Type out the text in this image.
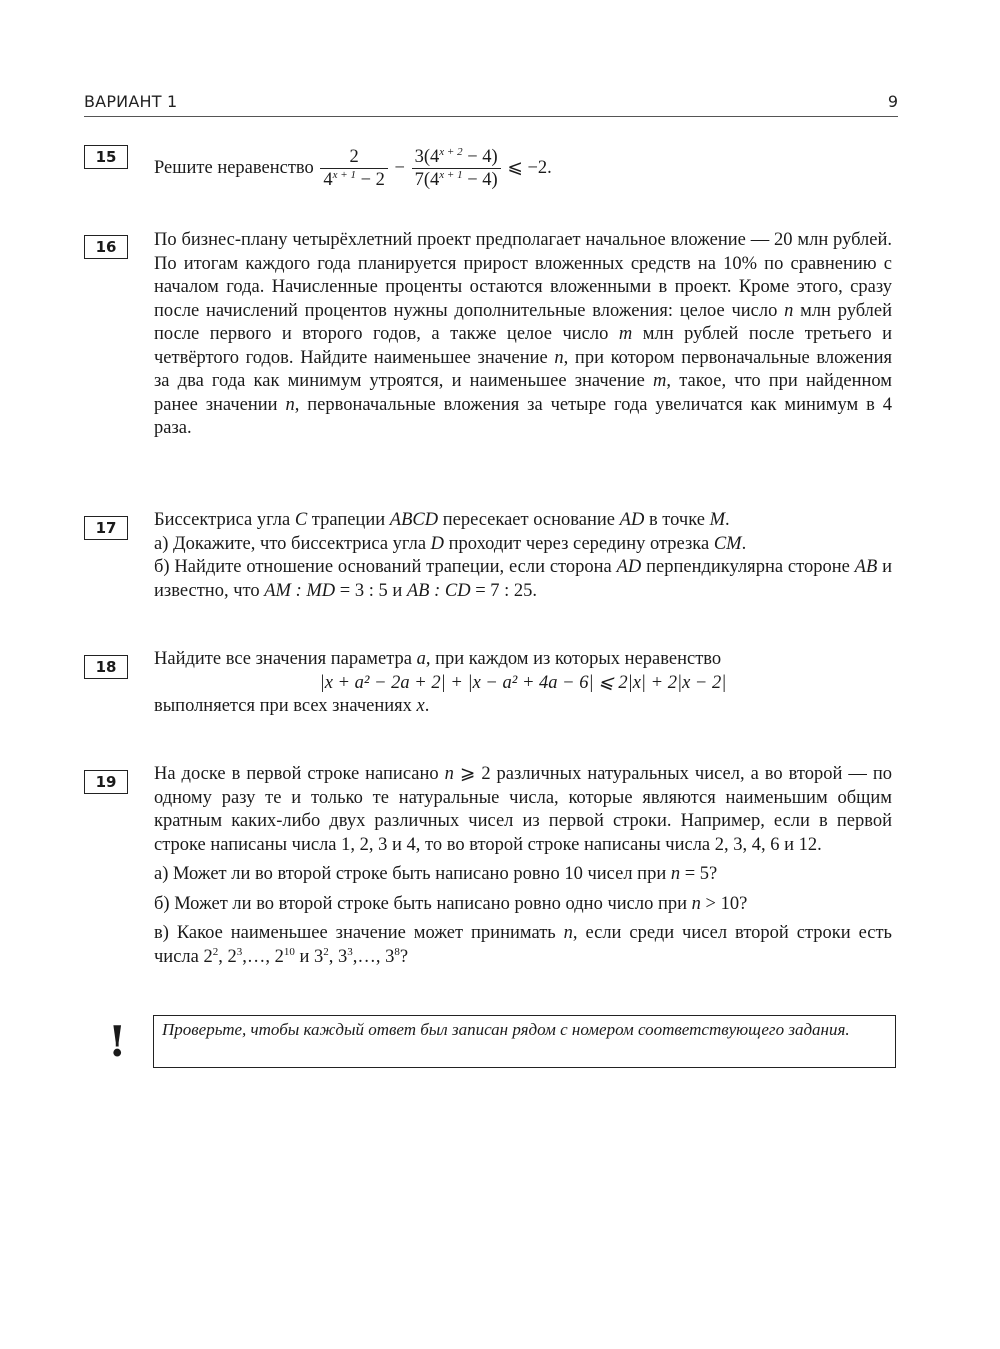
ВАРИАНТ 1	9
15
Решите неравенство $\frac{2}{4^{x + 1} - 2} - \frac{3(4^{x + 2} - 4)}{7(4^{x + 1} - 4)}$ ⩽ −2.
16	По бизнес-плану четырёхлетний проект предполагает начальное вложение — 20 млн рублей. По итогам каждого года планируется прирост вложенных средств на 10% по сравнению с началом года. Начисленные проценты остаются вложенными в проект. Кроме этого, сразу после начислений процентов нужны дополнительные вложения: целое число n млн рублей после первого и второго годов, а также целое число m млн рублей после третьего и четвёртого годов. Найдите наименьшее значение n, при котором первоначальные вложения за два года как минимум утроятся, и наименьшее значение m, такое, что при найденном ранее значении n, первоначальные вложения за четыре года увеличатся как минимум в 4 раза.

17	Биссектриса угла C трапеции ABCD пересекает основание AD в точке M.

а) Докажите, что биссектриса угла D проходит через середину отрезка CM.

б) Найдите отношение оснований трапеции, если сторона AD перпендикулярна стороне AB и известно, что AM : MD = 3 : 5 и AB : CD = 7 : 25.

18	Найдите все значения параметра a, при каждом из которых неравенство

|x + a² − 2a + 2| + |x − a² + 4a − 6| ⩽ 2|x| + 2|x − 2|

выполняется при всех значениях x.

19	На доске в первой строке написано n ⩾ 2 различных натуральных чисел, а во второй — по одному разу те и только те натуральные числа, которые являются наименьшим общим кратным каких-либо двух различных чисел из первой строки. Например, если в первой строке написаны числа 1, 2, 3 и 4, то во второй строке написаны числа 2, 3, 4, 6 и 12.

а) Может ли во второй строке быть написано ровно 10 чисел при n = 5?

б) Может ли во второй строке быть написано ровно одно число при n > 10?

в) Какое наименьшее значение может принимать n, если среди чисел второй строки есть числа $2^2$, $2^3,\dots$, $2^{10}$ и $3^2$, $3^3,\dots$, $3^8$?

!	Проверьте, чтобы каждый ответ был записан рядом с номером соответствующего задания.
